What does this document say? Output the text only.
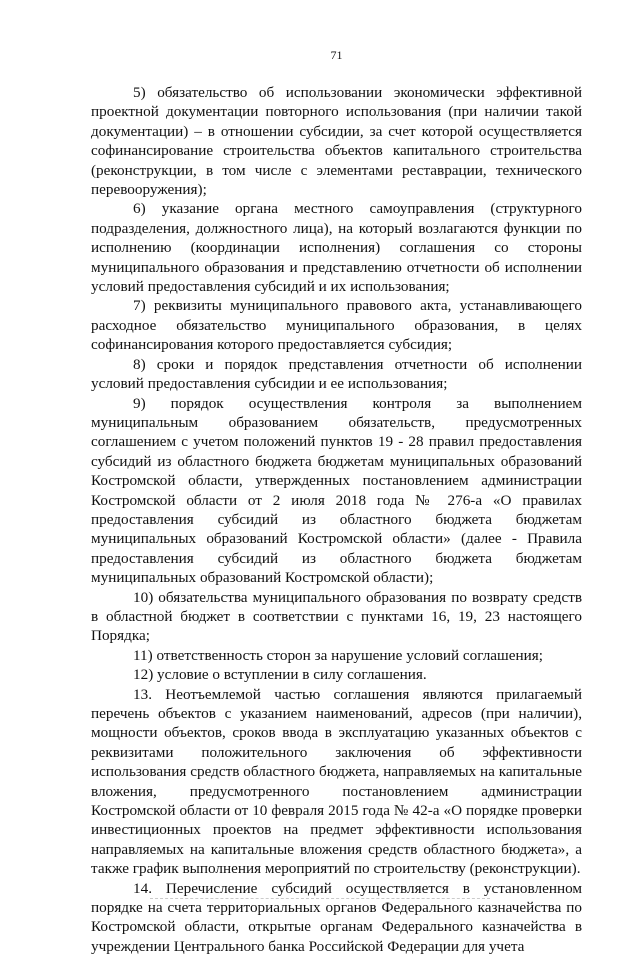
71

5) обязательство об использовании экономически эффективной проектной документации повторного использования (при наличии такой документации) – в отношении субсидии, за счет которой осуществляется софинансирование строительства объектов капитального строительства (реконструкции, в том числе с элементами реставрации, технического перевооружения);

6) указание органа местного самоуправления (структурного подразделения, должностного лица), на который возлагаются функции по исполнению (координации исполнения) соглашения со стороны муниципального образования и представлению отчетности об исполнении условий предоставления субсидий и их использования;

7) реквизиты муниципального правового акта, устанавливающего расходное обязательство муниципального образования, в целях софинансирования которого предоставляется субсидия;

8) сроки и порядок представления отчетности об исполнении условий предоставления субсидии и ее использования;

9) порядок осуществления контроля за выполнением муниципальным образованием обязательств, предусмотренных соглашением с учетом положений пунктов 19 - 28 правил предоставления субсидий из областного бюджета бюджетам муниципальных образований Костромской области, утвержденных постановлением администрации Костромской области от 2 июля 2018 года № 276-а «О правилах предоставления субсидий из областного бюджета бюджетам муниципальных образований Костромской области» (далее - Правила предоставления субсидий из областного бюджета бюджетам муниципальных образований Костромской области);

10) обязательства муниципального образования по возврату средств в областной бюджет в соответствии с пунктами 16, 19, 23 настоящего Порядка;

11) ответственность сторон за нарушение условий соглашения;

12) условие о вступлении в силу соглашения.

13. Неотъемлемой частью соглашения являются прилагаемый перечень объектов с указанием наименований, адресов (при наличии), мощности объектов, сроков ввода в эксплуатацию указанных объектов с реквизитами положительного заключения об эффективности использования средств областного бюджета, направляемых на капитальные вложения, предусмотренного постановлением администрации Костромской области от 10 февраля 2015 года № 42-а «О порядке проверки инвестиционных проектов на предмет эффективности использования направляемых на капитальные вложения средств областного бюджета», а также график выполнения мероприятий по строительству (реконструкции).

14. Перечисление субсидий осуществляется в установленном порядке на счета территориальных органов Федерального казначейства по Костромской области, открытые органам Федерального казначейства в учреждении Центрального банка Российской Федерации для учета
